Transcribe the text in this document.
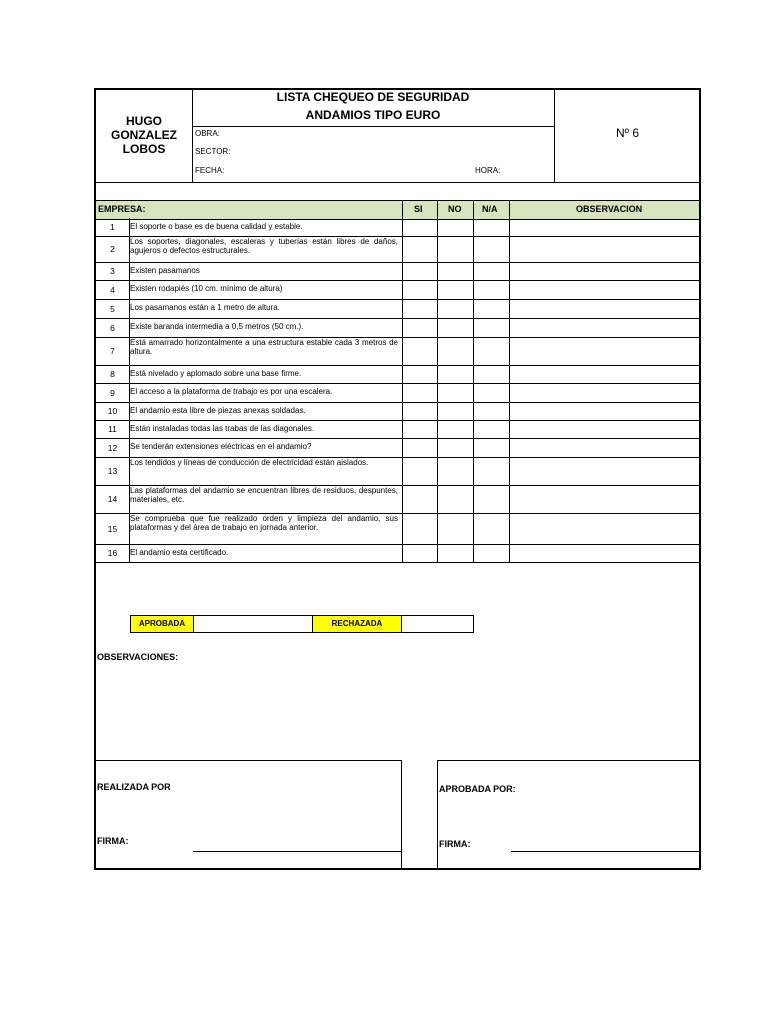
HUGO
GONZALEZ
LOBOS
LISTA CHEQUEO DE SEGURIDAD
ANDAMIOS TIPO EURO
OBRA:
SECTOR:
FECHA:	HORA:
Nº 6
EMPRESA:	SI	NO N/A	OBSERVACION
1	El soporte o base es de buena calidad y estable.
2
Los soportes, diagonales, escaleras y tuberías están libres de daños, agujeros o defectos estructurales.
3	Existen pasamanos
4	Existen rodapiés (10 cm. mínimo de altura)
5	Los pasamanos están a 1 metro de altura.
6	Existe baranda intermedia a 0,5 metros (50 cm.).
7
Está amarrado horizontalmente a una estructura estable cada 3 metros de altura.
8	Está nivelado y aplomado sobre una base firme.
9	El acceso a la plataforma de trabajo es por una escalera.
10	El andamio esta libre de piezas anexas soldadas.
11	Están instaladas todas las trabas de las diagonales.
12	Se tenderán extensiones eléctricas en el andamio?
13
Los tendidos y líneas de conducción de electricidad están aislados.
14
Las plataformas del andamio se encuentran libres de residuos, despuntes, materiales, etc.
15
Se comprueba que fue realizado orden y limpieza del andamio, sus plataformas y del área de trabajo en jornada anterior.
16	El andamio esta certificado.
APROBADA	RECHAZADA
OBSERVACIONES:
REALIZADA POR	APROBADA POR:
FIRMA:	FIRMA:
